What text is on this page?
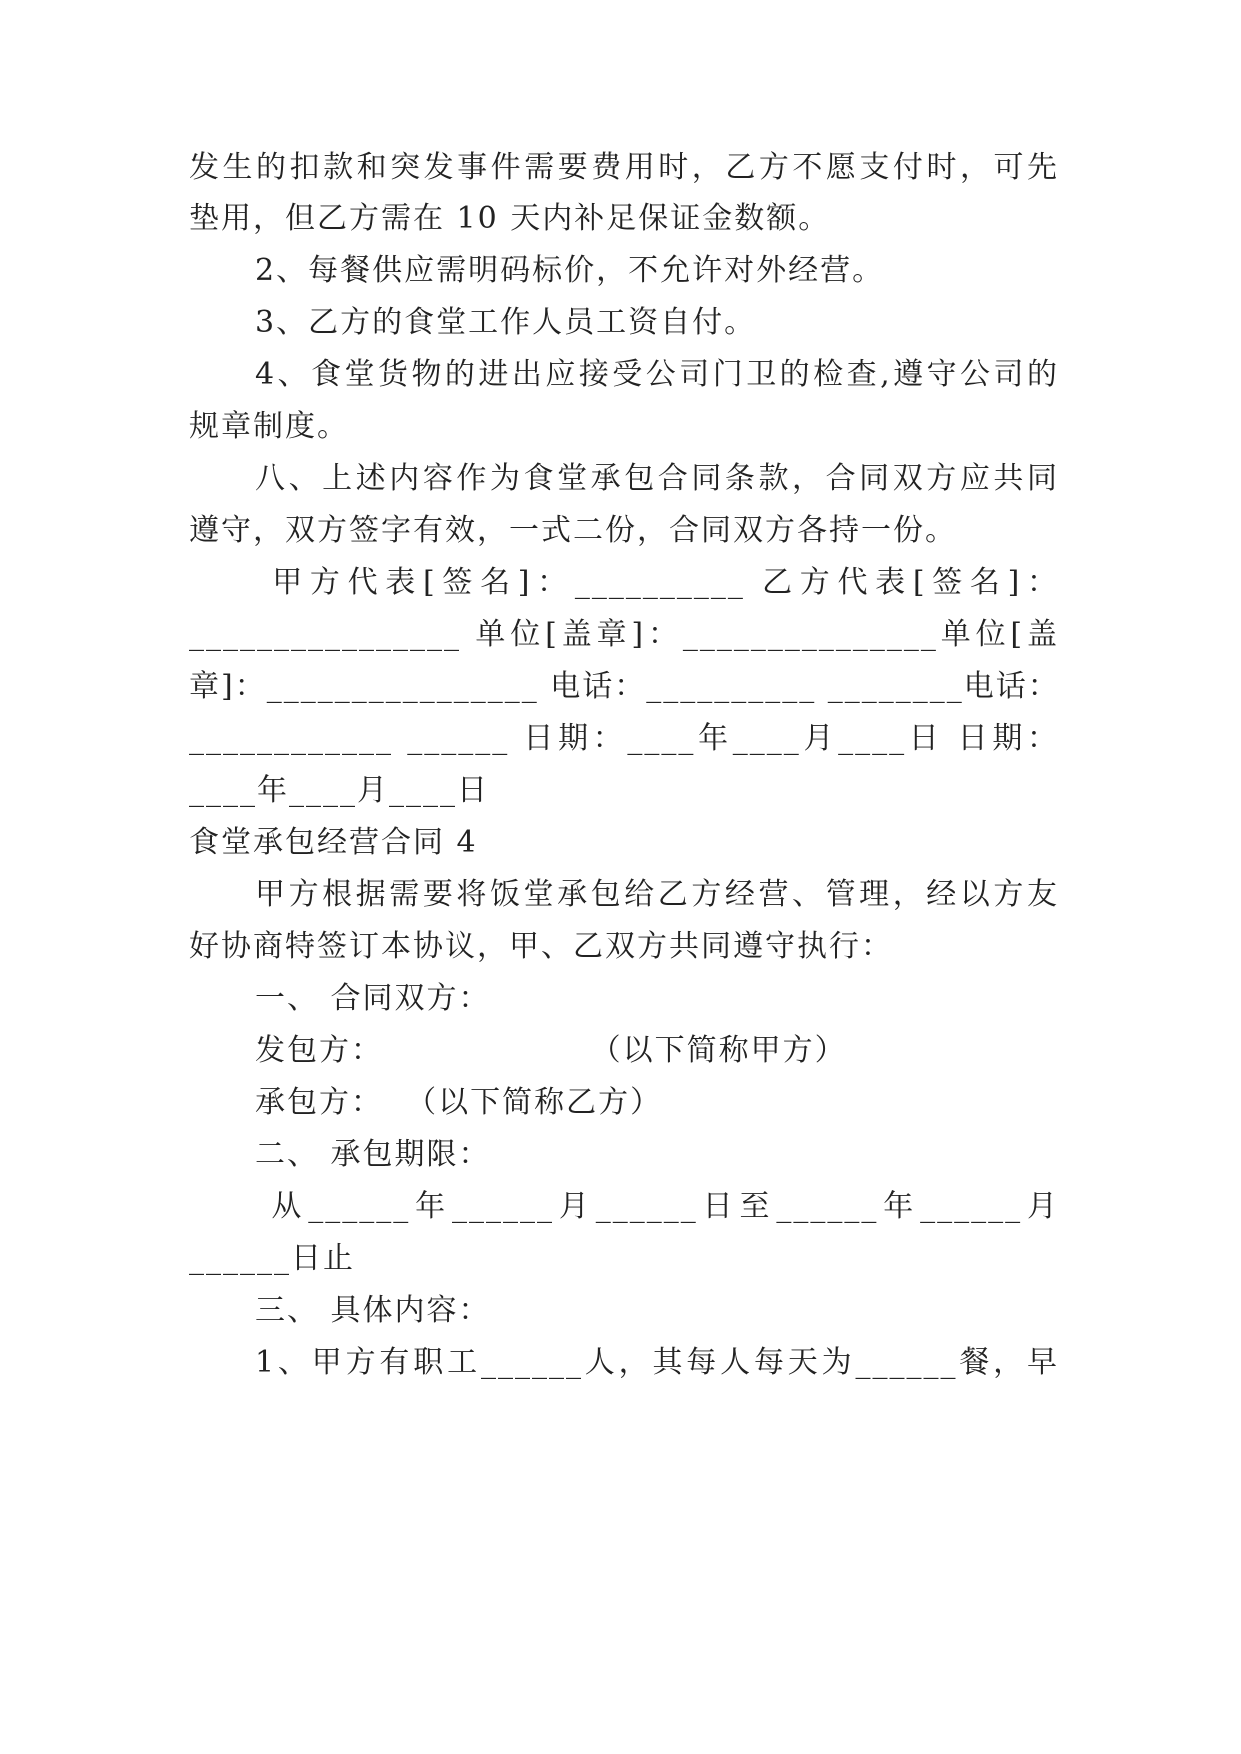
发生的扣款和突发事件需要费用时，乙方不愿支付时，可先
垫用，但乙方需在 10 天内补足保证金数额。
2、每餐供应需明码标价，不允许对外经营。
3、乙方的食堂工作人员工资自付。
4、食堂货物的进出应接受公司门卫的检查,遵守公司的
规章制度。
八、上述内容作为食堂承包合同条款，合同双方应共同
遵守，双方签字有效，一式二份，合同双方各持一份。
甲方代表[签名]：__________ 乙方代表[签名]：
________________ 单位[盖章]：_______________单位[盖
章]：________________ 电话：__________ ________电话：
____________ ______ 日期：____年____月____日 日期：
____年____月____日
食堂承包经营合同 4
甲方根据需要将饭堂承包给乙方经营、管理，经以方友
好协商特签订本协议，甲、乙双方共同遵守执行：
一、 合同双方：
发包方：                  （以下简称甲方）
承包方：  （以下简称乙方）
二、 承包期限：
从______年______月______日至______年______月
______日止
三、 具体内容：
1、甲方有职工______人，其每人每天为______餐，早
